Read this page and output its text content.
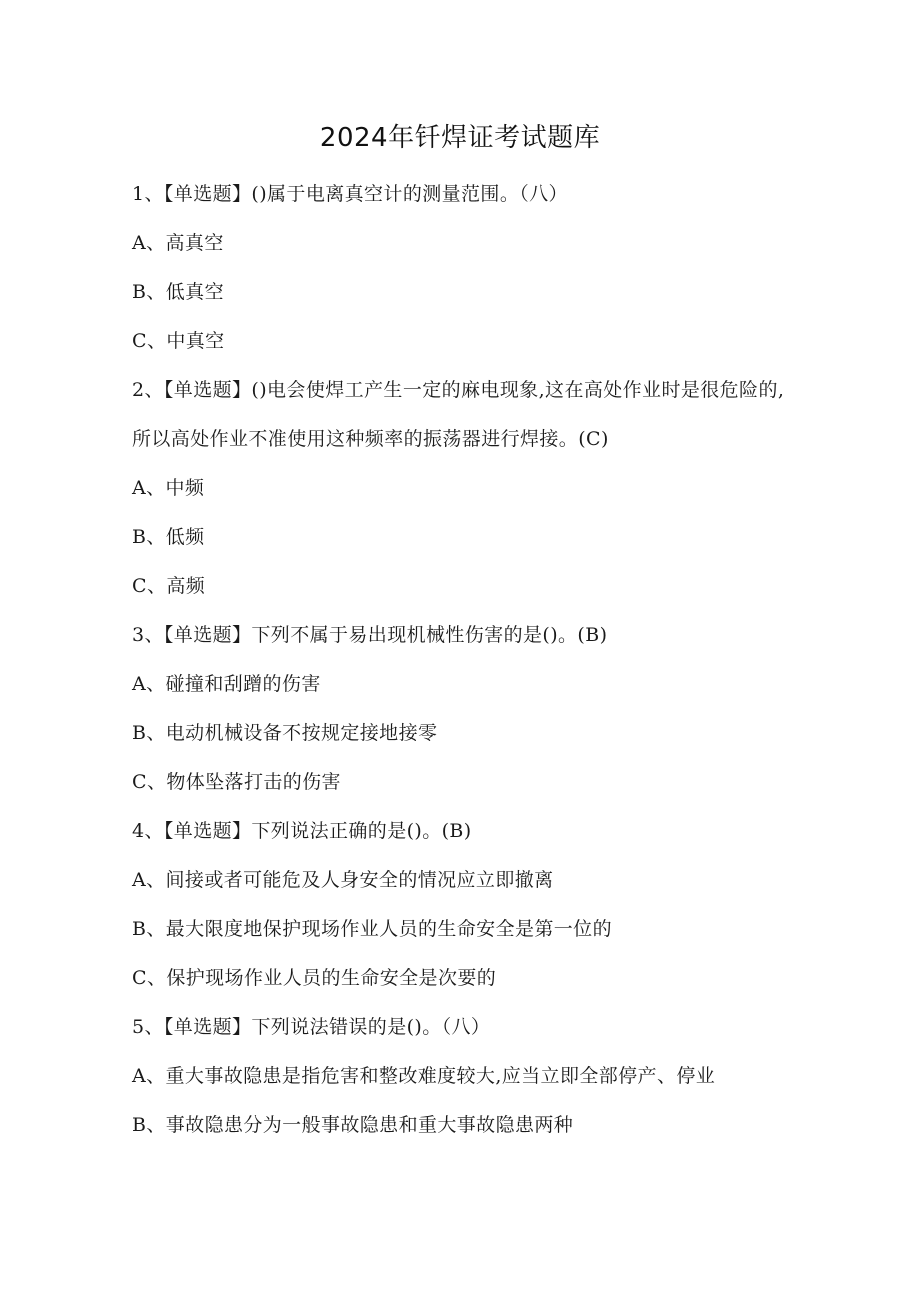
2024年钎焊证考试题库
1、【单选题】()属于电离真空计的测量范围。（八）
A、高真空
B、低真空
C、中真空
2、【单选题】()电会使焊工产生一定的麻电现象,这在高处作业时是很危险的,所以高处作业不准使用这种频率的振荡器进行焊接。(C)
A、中频
B、低频
C、高频
3、【单选题】下列不属于易出现机械性伤害的是()。(B)
A、碰撞和刮蹭的伤害
B、电动机械设备不按规定接地接零
C、物体坠落打击的伤害
4、【单选题】下列说法正确的是()。(B)
A、间接或者可能危及人身安全的情况应立即撤离
B、最大限度地保护现场作业人员的生命安全是第一位的
C、保护现场作业人员的生命安全是次要的
5、【单选题】下列说法错误的是()。（八）
A、重大事故隐患是指危害和整改难度较大,应当立即全部停产、停业
B、事故隐患分为一般事故隐患和重大事故隐患两种
